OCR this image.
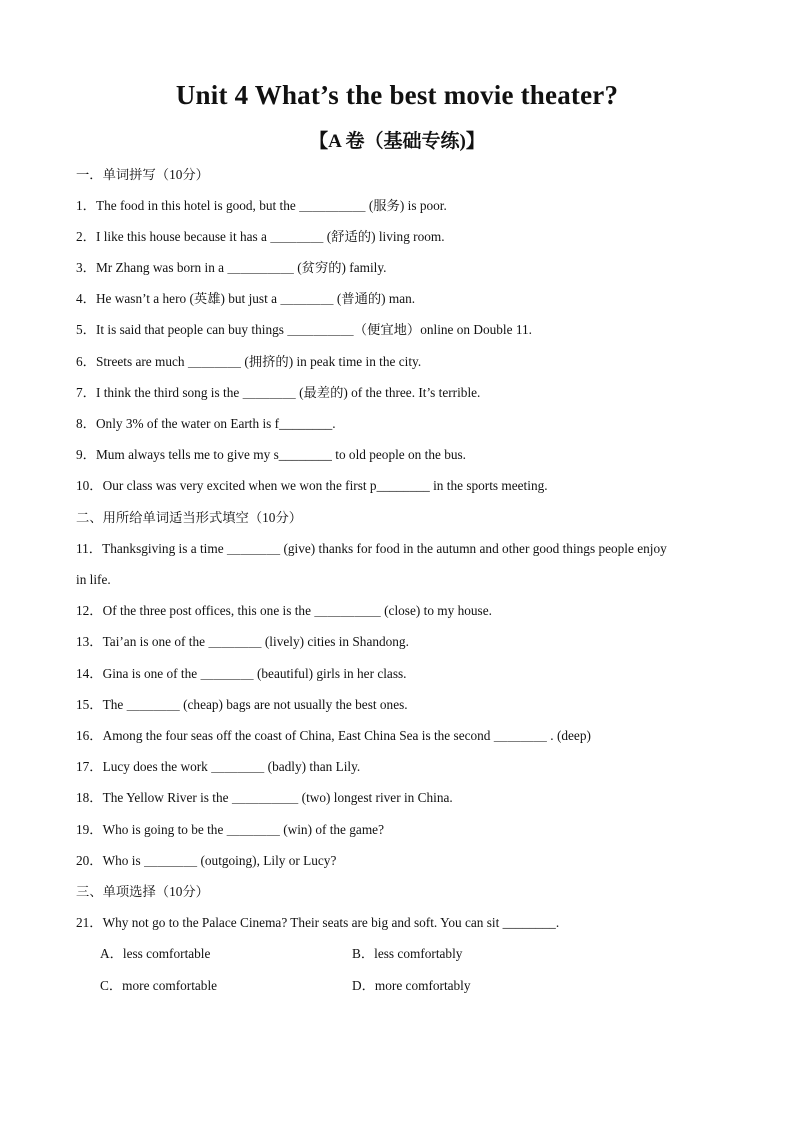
Unit 4 What’s the best movie theater?
【A 卷（基础专练)】
一．单词拼写（10分）
1．The food in this hotel is good, but the ＿＿＿＿＿ (服务) is poor.
2．I like this house because it has a ＿＿＿＿ (舒适的) living room.
3．Mr Zhang was born in a ＿＿＿＿＿ (贫穷的) family.
4．He wasn’t a hero (英雄) but just a ＿＿＿＿ (普通的) man.
5．It is said that people can buy things ＿＿＿＿＿（便宜地）online on Double 11.
6．Streets are much ＿＿＿＿ (拥挤的) in peak time in the city.
7．I think the third song is the ＿＿＿＿ (最差的) of the three. It’s terrible.
8．Only 3% of the water on Earth is f________.
9．Mum always tells me to give my s________ to old people on the bus.
10．Our class was very excited when we won the first p________ in the sports meeting.
二、用所给单词适当形式填空（10分）
11．Thanksgiving is a time ＿＿＿＿ (give) thanks for food in the autumn and other good things people enjoy
in life.
12．Of the three post offices, this one is the ＿＿＿＿＿ (close) to my house.
13．Tai’an is one of the ＿＿＿＿ (lively) cities in Shandong.
14．Gina is one of the ＿＿＿＿ (beautiful) girls in her class.
15．The ＿＿＿＿ (cheap) bags are not usually the best ones.
16．Among the four seas off the coast of China, East China Sea is the second ＿＿＿＿ . (deep)
17．Lucy does the work ＿＿＿＿ (badly) than Lily.
18．The Yellow River is the ＿＿＿＿＿ (two) longest river in China.
19．Who is going to be the ＿＿＿＿ (win) of the game?
20．Who is ＿＿＿＿ (outgoing), Lily or Lucy?
三、单项选择（10分）
21．Why not go to the Palace Cinema? Their seats are big and soft. You can sit ________.
A．less comfortable	B．less comfortably
C．more comfortable	D．more comfortably
